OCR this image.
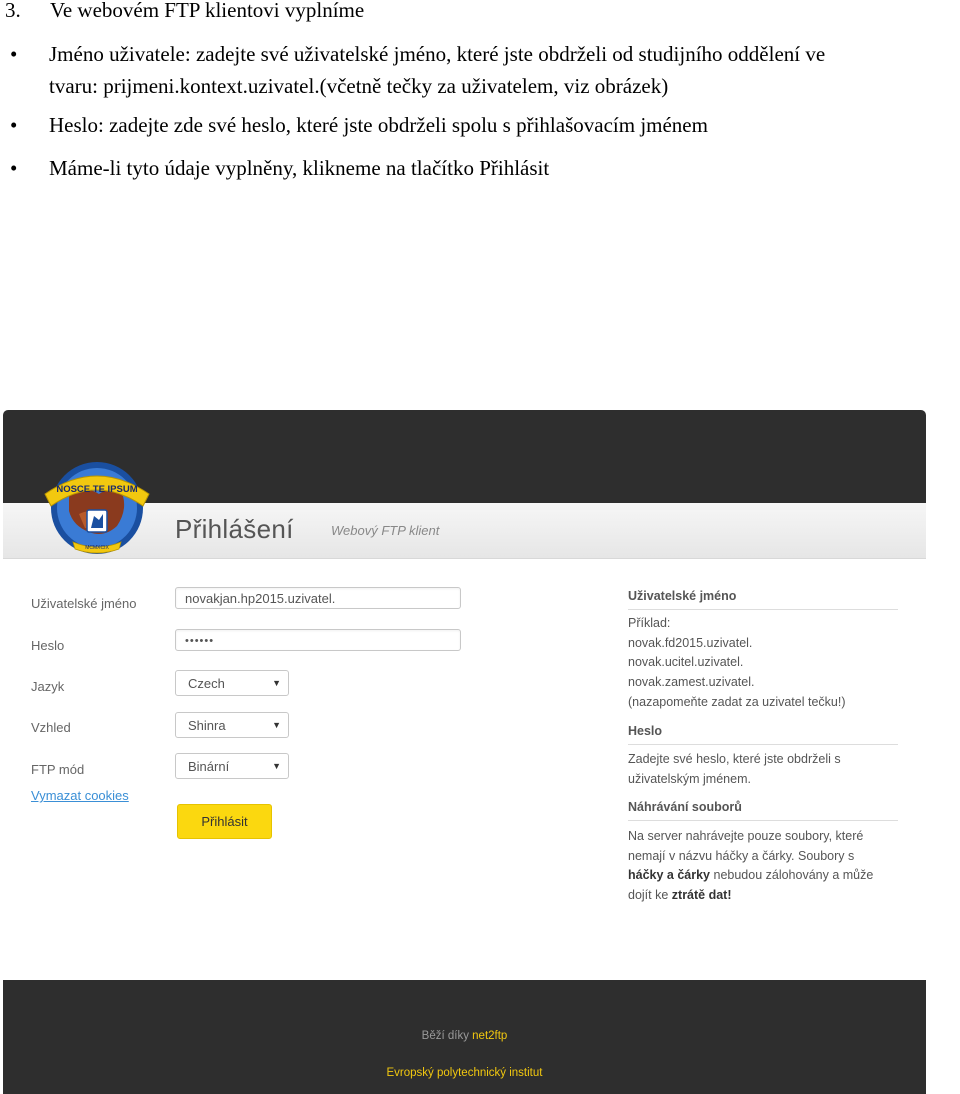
3. Ve webovém FTP klientovi vyplníme
• Jméno uživatele: zadejte své uživatelské jméno, které jste obdrželi od studijního oddělení ve
tvaru: prijmeni.kontext.uzivatel.(včetně tečky za uživatelem, viz obrázek)
• Heslo: zadejte zde své heslo, které jste obdrželi spolu s přihlašovacím jménem
• Máme-li tyto údaje vyplněny, klikneme na tlačítko Přihlásit
NOSCE TE IPSUM
MCMXCIX
Přihlášení	Webový FTP klient
Uživatelské jméno	novakjan.hp2015.uzivatel.
Heslo	••••••
Jazyk	Czech	▼
Vzhled	Shinra	▼
FTP mód	Binární	▼
Vymazat cookies
Přihlásit
Uživatelské jméno
Příklad:
novak.fd2015.uzivatel.
novak.ucitel.uzivatel.
novak.zamest.uzivatel.
(nazapomeňte zadat za uzivatel tečku!)
Heslo
Zadejte své heslo, které jste obdrželi s
uživatelským jménem.
Náhrávání souborů
Na server nahrávejte pouze soubory, které
nemají v názvu háčky a čárky. Soubory s
háčky a čárky nebudou zálohovány a může
dojít ke ztrátě dat!
Běží díky net2ftp
Evropský polytechnický institut
